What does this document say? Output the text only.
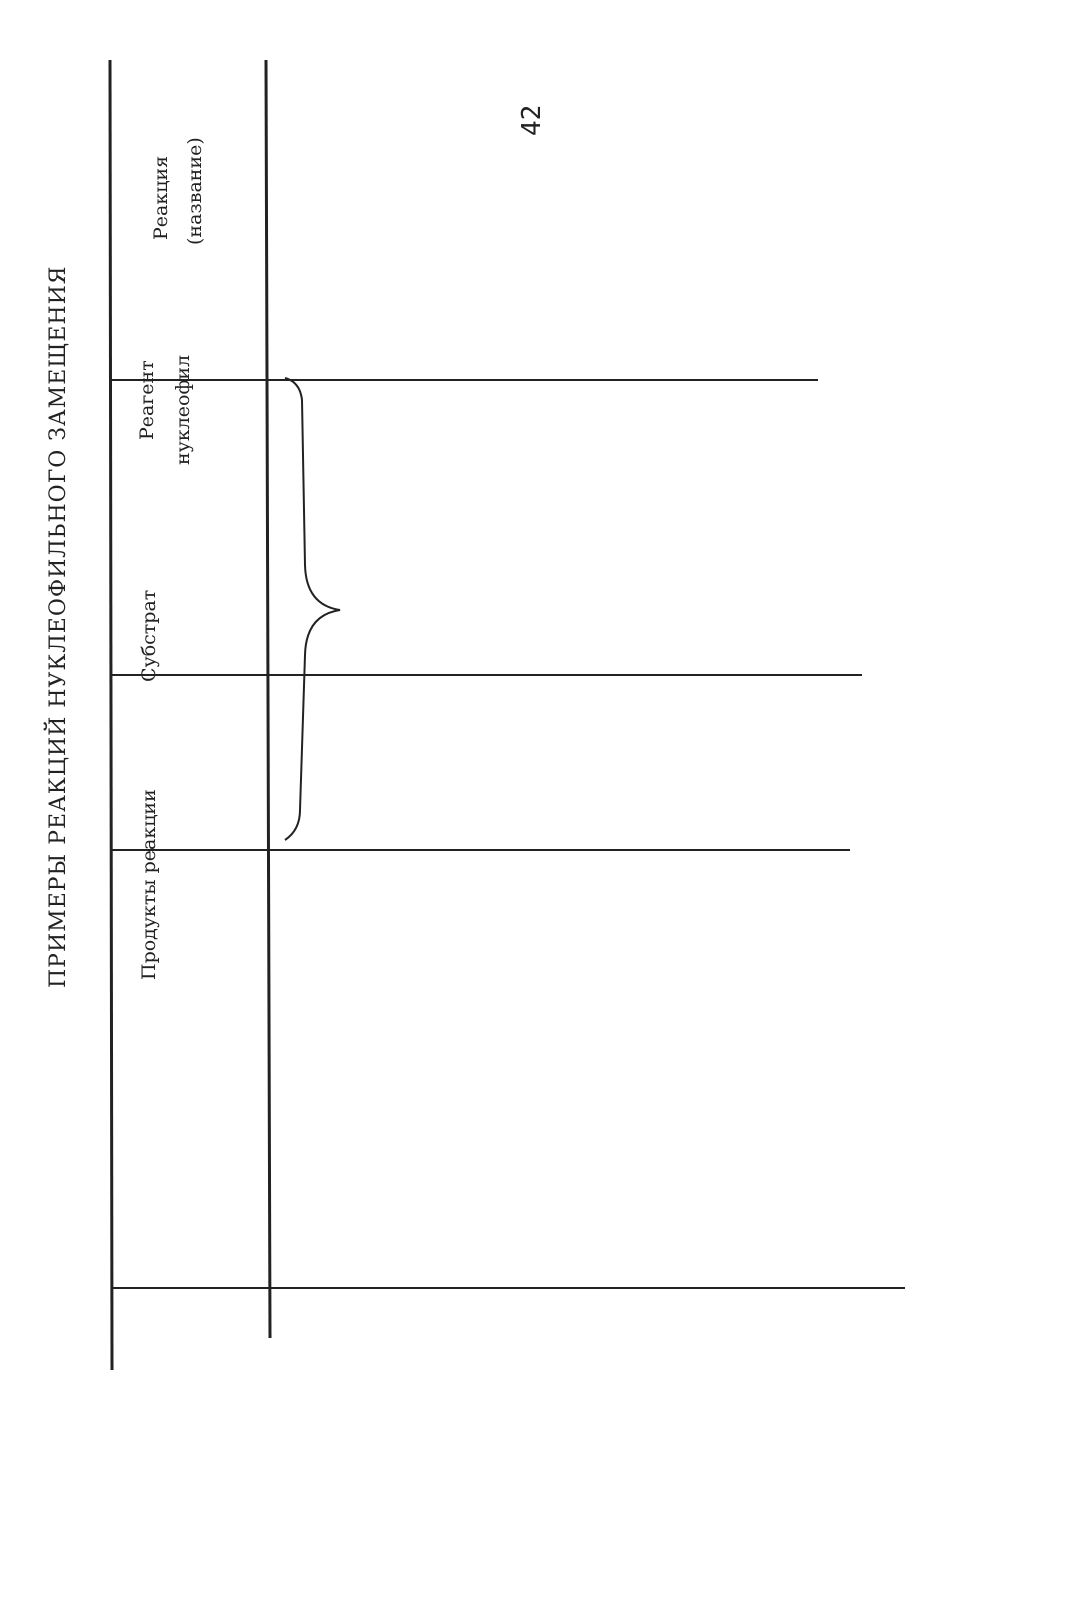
42
ПРИМЕРЫ РЕАКЦИЙ НУКЛЕОФИЛЬНОГО ЗАМЕЩЕНИЯ
Реакция (название)
Реагент нуклеофил
Субстрат
Продукты реакции
